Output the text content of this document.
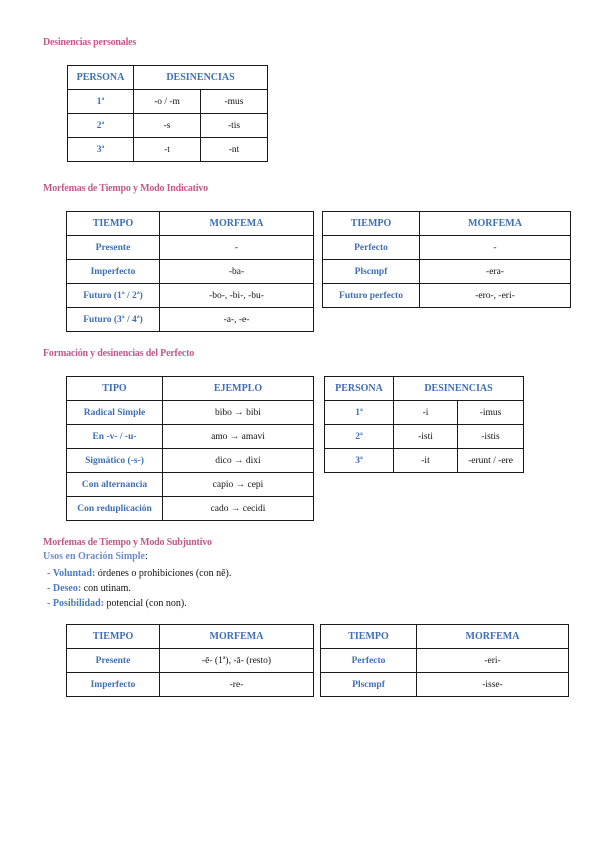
Desinencias personales

PERSONA	DESINENCIAS	
1ª	-o / -m	-mus
2ª	-s	-tis
3ª	-t	-nt

Morfemas de Tiempo y Modo Indicativo

TIEMPO	MORFEMA
Presente	-
Imperfecto	-ba-
Futuro (1ª / 2ª)	-bo-, -bi-, -bu-
Futuro (3ª / 4ª)	-a-, -e-
TIEMPO	MORFEMA
Perfecto	-
Plscmpf	-era-
Futuro perfecto	-ero-, -eri-

Formación y desinencias del Perfecto

TIPO	EJEMPLO
Radical Simple	bibo → bibi
En -v- / -u-	amo → amavi
Sigmático (-s-)	dico → dixi
Con alternancia	capio → cepi
Con reduplicación	cado → cecidi
PERSONA	DESINENCIAS	
1ª	-i	-imus
2ª	-isti	-istis
3ª	-it	-erunt / -ere

Morfemas de Tiempo y Modo Subjuntivo

Usos en Oración Simple:

- Voluntad: órdenes o prohibiciones (con nē).
- Deseo: con utinam.
- Posibilidad: potencial (con non).
TIEMPO	MORFEMA
Presente	-ē- (1ª), -ā- (resto)
Imperfecto	-re-
TIEMPO	MORFEMA
Perfecto	-eri-
Plscmpf	-isse-
